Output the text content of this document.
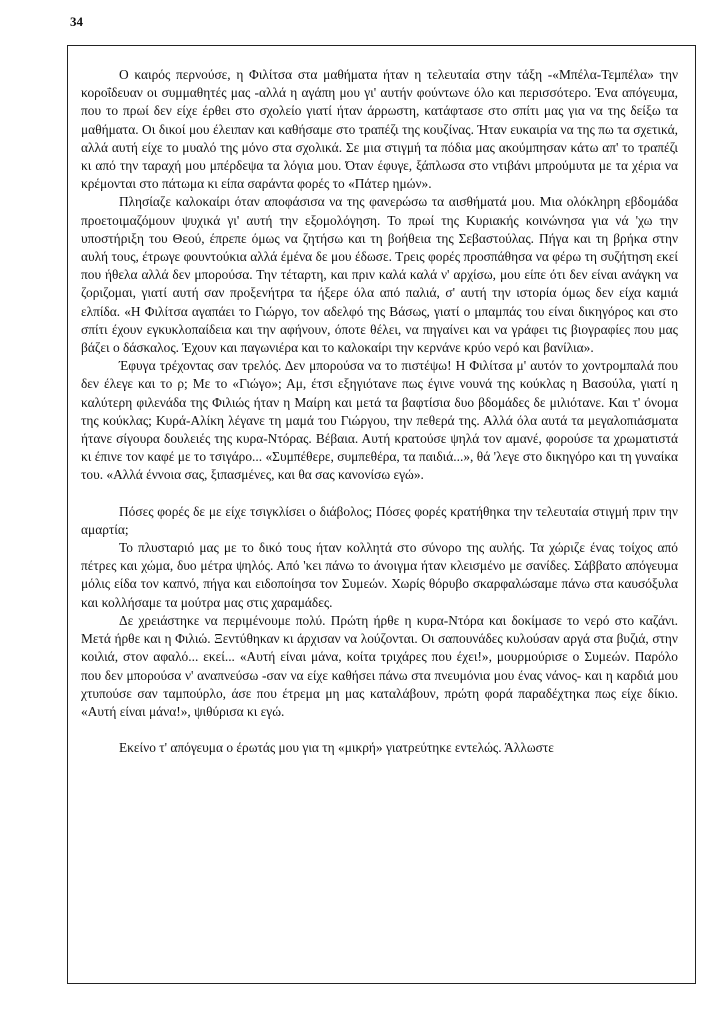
34

Ο καιρός περνούσε, η Φιλίτσα στα μαθήματα ήταν η τελευταία στην τάξη -«Μπέλα-Τεμπέλα» την κοροΐδευαν οι συμμαθητές μας -αλλά η αγάπη μου γι' αυτήν φούντωνε όλο και περισσότερο. Ένα απόγευμα, που το πρωί δεν είχε έρθει στο σχολείο γιατί ήταν άρρωστη, κατάφτασε στο σπίτι μας για να της δείξω τα μαθήματα. Οι δικοί μου έλειπαν και καθήσαμε στο τραπέζι της κουζίνας. Ήταν ευκαιρία να της πω τα σχετικά, αλλά αυτή είχε το μυαλό της μόνο στα σχολικά. Σε μια στιγμή τα πόδια μας ακούμπησαν κάτω απ' το τραπέζι κι από την ταραχή μου μπέρδεψα τα λόγια μου. Όταν έφυγε, ξάπλωσα στο ντιβάνι μπρούμυτα με τα χέρια να κρέμονται στο πάτωμα κι είπα σαράντα φορές το «Πάτερ ημών».

Πλησίαζε καλοκαίρι όταν αποφάσισα να της φανερώσω τα αισθήματά μου. Μια ολόκληρη εβδομάδα προετοιμαζόμουν ψυχικά γι' αυτή την εξομολόγηση. Το πρωί της Κυριακής κοινώνησα για νά 'χω την υποστήριξη του Θεού, έπρεπε όμως να ζητήσω και τη βοήθεια της Σεβαστούλας. Πήγα και τη βρήκα στην αυλή τους, έτρωγε φουντούκια αλλά έμένα δε μου έδωσε. Τρεις φορές προσπάθησα να φέρω τη συζήτηση εκεί που ήθελα αλλά δεν μπορούσα. Την τέταρτη, και πριν καλά καλά ν' αρχίσω, μου είπε ότι δεν είναι ανάγκη να ζοριζομαι, γιατί αυτή σαν προξενήτρα τα ήξερε όλα από παλιά, σ' αυτή την ιστορία όμως δεν είχα καμιά ελπίδα. «Η Φιλίτσα αγαπάει το Γιώργο, τον αδελφό της Βάσως, γιατί ο μπαμπάς του είναι δικηγόρος και στο σπίτι έχουν εγκυκλοπαίδεια και την αφήνουν, όποτε θέλει, να πηγαίνει και να γράφει τις βιογραφίες που μας βάζει ο δάσκαλος. Έχουν και παγωνιέρα και το καλοκαίρι την κερνάνε κρύο νερό και βανίλια».

Έφυγα τρέχοντας σαν τρελός. Δεν μπορούσα να το πιστέψω! Η Φιλίτσα μ' αυτόν το χοντρομπαλά που δεν έλεγε και το ρ; Με το «Γιώγο»; Αμ, έτσι εξηγιότανε πως έγινε νουνά της κούκλας η Βασούλα, γιατί η καλύτερη φιλενάδα της Φιλιώς ήταν η Μαίρη και μετά τα βαφτίσια δυο βδομάδες δε μιλιότανε. Και τ' όνομα της κούκλας; Κυρά-Αλίκη λέγανε τη μαμά του Γιώργου, την πεθερά της. Αλλά όλα αυτά τα μεγαλοπιάσματα ήτανε σίγουρα δουλειές της κυρα-Ντόρας. Βέβαια. Αυτή κρατούσε ψηλά τον αμανέ, φορούσε τα χρωματιστά κι έπινε τον καφέ με το τσιγάρο... «Συμπέθερε, συμπεθέρα, τα παιδιά...», θά 'λεγε στο δικηγόρο και τη γυναίκα του. «Αλλά έννοια σας, ξιπασμένες, και θα σας κανονίσω εγώ».

Πόσες φορές δε με είχε τσιγκλίσει ο διάβολος; Πόσες φορές κρατήθηκα την τελευταία στιγμή πριν την αμαρτία;

Το πλυσταριό μας με το δικό τους ήταν κολλητά στο σύνορο της αυλής. Τα χώριζε ένας τοίχος από πέτρες και χώμα, δυο μέτρα ψηλός. Από 'κει πάνω το άνοιγμα ήταν κλεισμένο με σανίδες. Σάββατο απόγευμα μόλις είδα τον καπνό, πήγα και ειδοποίησα τον Συμεών. Χωρίς θόρυβο σκαρφαλώσαμε πάνω στα καυσόξυλα και κολλήσαμε τα μούτρα μας στις χαραμάδες.

Δε χρειάστηκε να περιμένουμε πολύ. Πρώτη ήρθε η κυρα-Ντόρα και δοκίμασε το νερό στο καζάνι. Μετά ήρθε και η Φιλιώ. Ξεντύθηκαν κι άρχισαν να λούζονται. Οι σαπουνάδες κυλούσαν αργά στα βυζιά, στην κοιλιά, στον αφαλό... εκεί... «Αυτή είναι μάνα, κοίτα τριχάρες που έχει!», μουρμούρισε ο Συμεών. Παρόλο που δεν μπορούσα ν' αναπνεύσω -σαν να είχε καθήσει πάνω στα πνευμόνια μου ένας νάνος- και η καρδιά μου χτυπούσε σαν ταμπούρλο, άσε που έτρεμα μη μας καταλάβουν, πρώτη φορά παραδέχτηκα πως είχε δίκιο. «Αυτή είναι μάνα!», ψιθύρισα κι εγώ.

Εκείνο τ' απόγευμα ο έρωτάς μου για τη «μικρή» γιατρεύτηκε εντελώς. Άλλωστε
